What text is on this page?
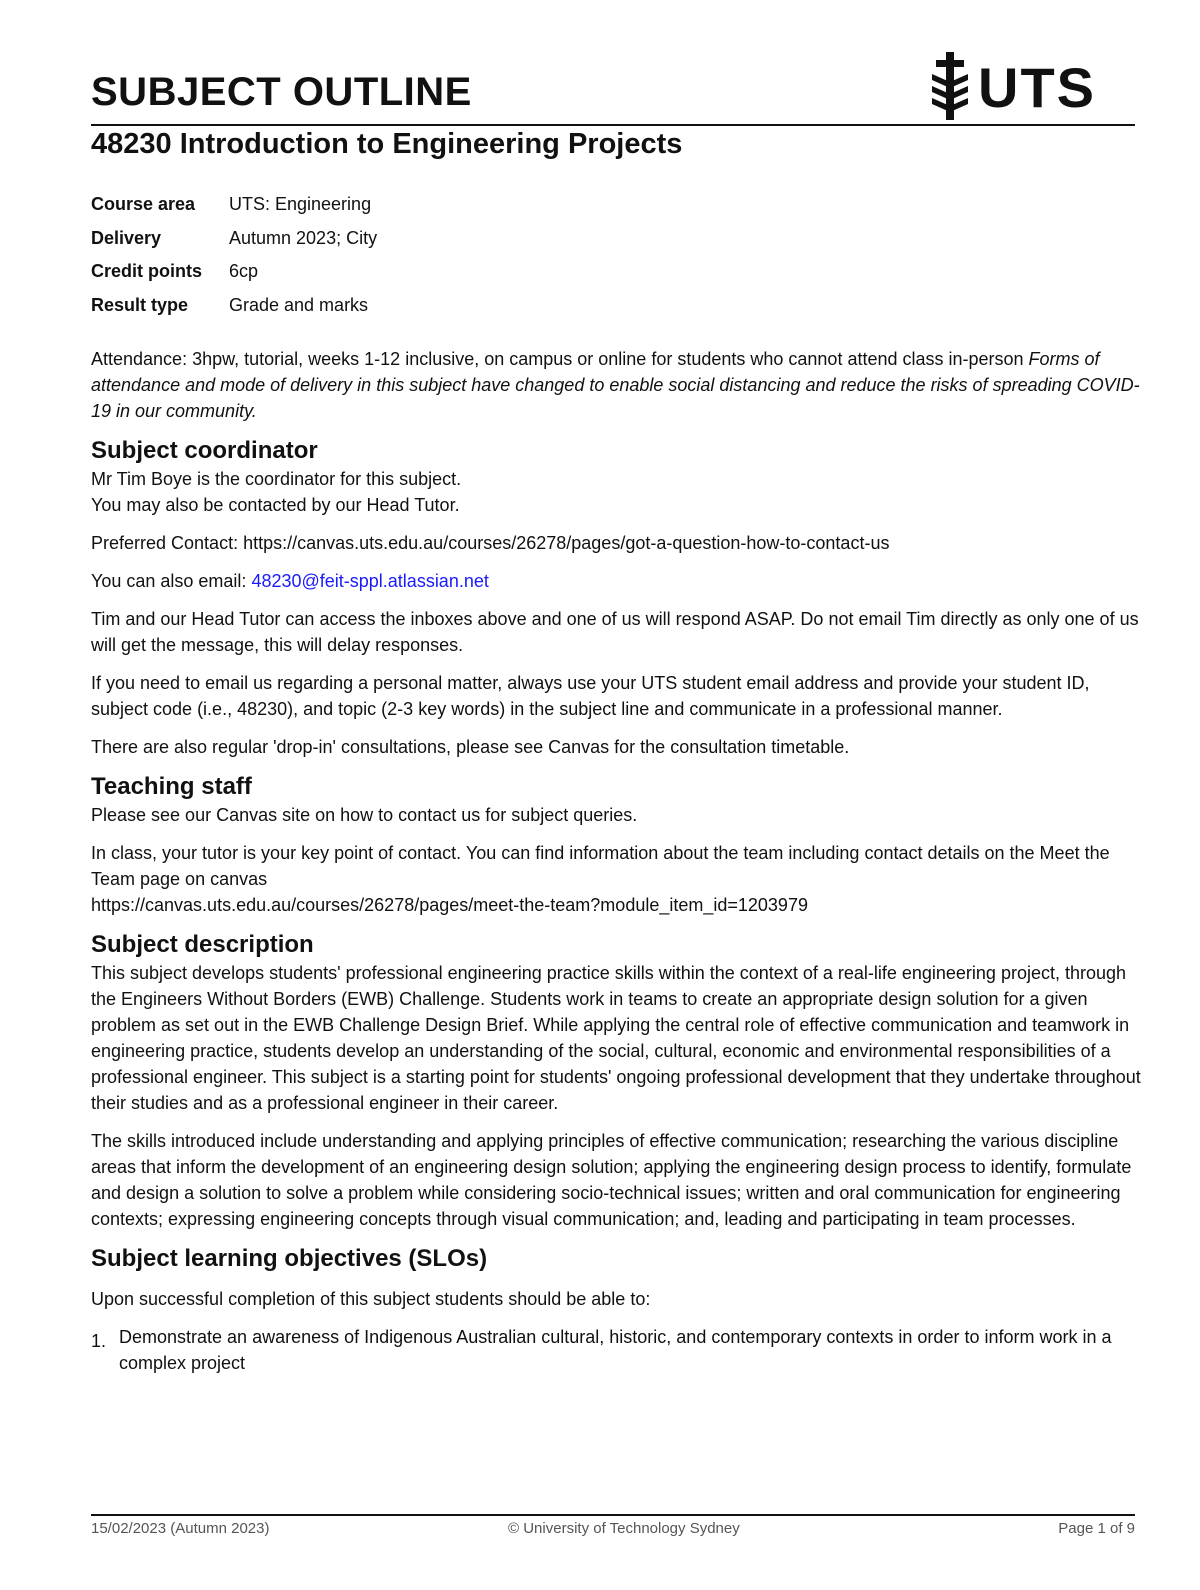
SUBJECT OUTLINE	UTS
48230 Introduction to Engineering Projects
Course area	UTS: Engineering
Delivery	Autumn 2023; City
Credit points	6cp
Result type	Grade and marks

Attendance: 3hpw, tutorial, weeks 1-12 inclusive, on campus or online for students who cannot attend class in-person Forms of attendance and mode of delivery in this subject have changed to enable social distancing and reduce the risks of spreading COVID-19 in our community.

Subject coordinator

Mr Tim Boye is the coordinator for this subject.

You may also be contacted by our Head Tutor.

Preferred Contact: https://canvas.uts.edu.au/courses/26278/pages/got-a-question-how-to-contact-us

You can also email: 48230@feit-sppl.atlassian.net

Tim and our Head Tutor can access the inboxes above and one of us will respond ASAP. Do not email Tim directly as only one of us will get the message, this will delay responses.

If you need to email us regarding a personal matter, always use your UTS student email address and provide your student ID, subject code (i.e., 48230), and topic (2-3 key words) in the subject line and communicate in a professional manner.

There are also regular 'drop-in' consultations, please see Canvas for the consultation timetable.

Teaching staff

Please see our Canvas site on how to contact us for subject queries.

In class, your tutor is your key point of contact. You can find information about the team including contact details on the Meet the Team page on canvas
https://canvas.uts.edu.au/courses/26278/pages/meet-the-team?module_item_id=1203979

Subject description

This subject develops students' professional engineering practice skills within the context of a real-life engineering project, through the Engineers Without Borders (EWB) Challenge. Students work in teams to create an appropriate design solution for a given problem as set out in the EWB Challenge Design Brief. While applying the central role of effective communication and teamwork in engineering practice, students develop an understanding of the social, cultural, economic and environmental responsibilities of a professional engineer. This subject is a starting point for students' ongoing professional development that they undertake throughout their studies and as a professional engineer in their career.

The skills introduced include understanding and applying principles of effective communication; researching the various discipline areas that inform the development of an engineering design solution; applying the engineering design process to identify, formulate and design a solution to solve a problem while considering socio-technical issues; written and oral communication for engineering contexts; expressing engineering concepts through visual communication; and, leading and participating in team processes.

Subject learning objectives (SLOs)

Upon successful completion of this subject students should be able to:

1. Demonstrate an awareness of Indigenous Australian cultural, historic, and contemporary contexts in order to inform work in a complex project
15/02/2023 (Autumn 2023)	© University of Technology Sydney	Page 1 of 9
